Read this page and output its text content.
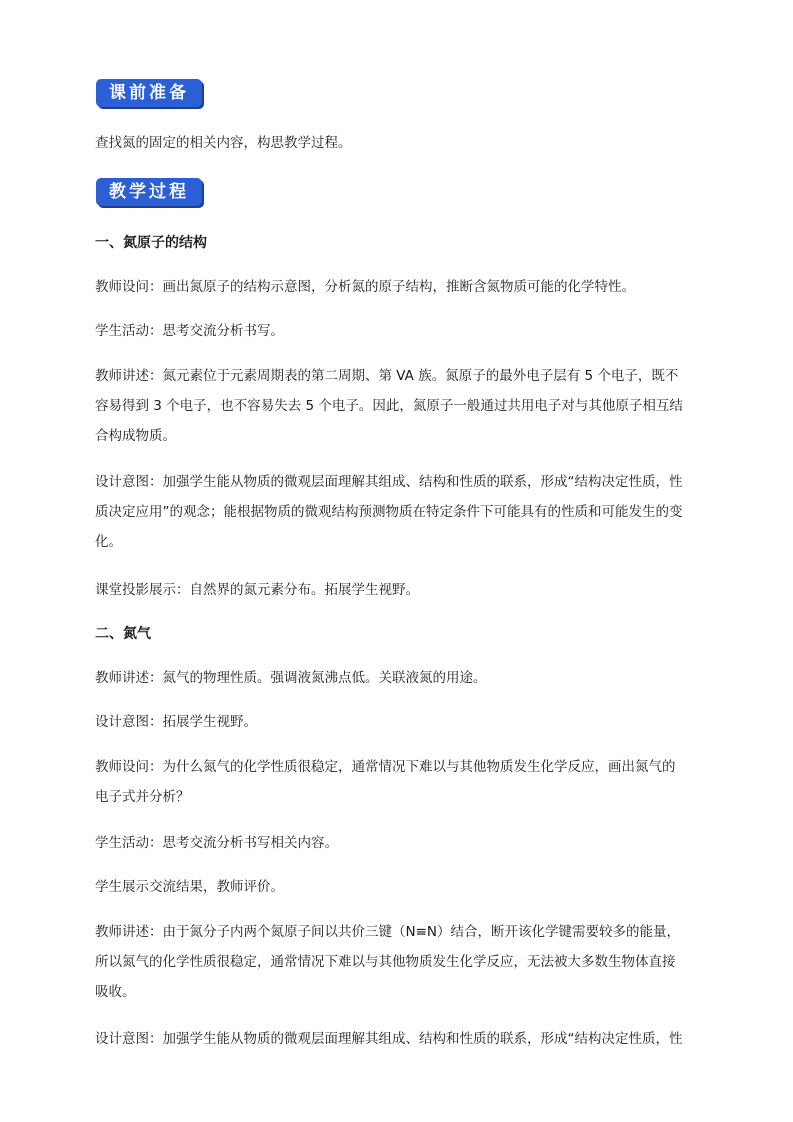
课前准备
查找氮的固定的相关内容，构思教学过程。
教学过程
一、氮原子的结构
教师设问：画出氮原子的结构示意图，分析氮的原子结构，推断含氮物质可能的化学特性。
学生活动：思考交流分析书写。
教师讲述：氮元素位于元素周期表的第二周期、第 VA 族。氮原子的最外电子层有 5 个电子，既不
容易得到 3 个电子，也不容易失去 5 个电子。因此，氮原子一般通过共用电子对与其他原子相互结
合构成物质。
设计意图：加强学生能从物质的微观层面理解其组成、结构和性质的联系，形成“结构决定性质，性
质决定应用”的观念；能根据物质的微观结构预测物质在特定条件下可能具有的性质和可能发生的变
化。
课堂投影展示：自然界的氮元素分布。拓展学生视野。
二、氮气
教师讲述：氮气的物理性质。强调液氮沸点低。关联液氮的用途。
设计意图：拓展学生视野。
教师设问：为什么氮气的化学性质很稳定，通常情况下难以与其他物质发生化学反应，画出氮气的
电子式并分析？
学生活动：思考交流分析书写相关内容。
学生展示交流结果，教师评价。
教师讲述：由于氮分子内两个氮原子间以共价三键（N≡N）结合，断开该化学键需要较多的能量，
所以氮气的化学性质很稳定，通常情况下难以与其他物质发生化学反应，无法被大多数生物体直接
吸收。
设计意图：加强学生能从物质的微观层面理解其组成、结构和性质的联系，形成“结构决定性质，性
